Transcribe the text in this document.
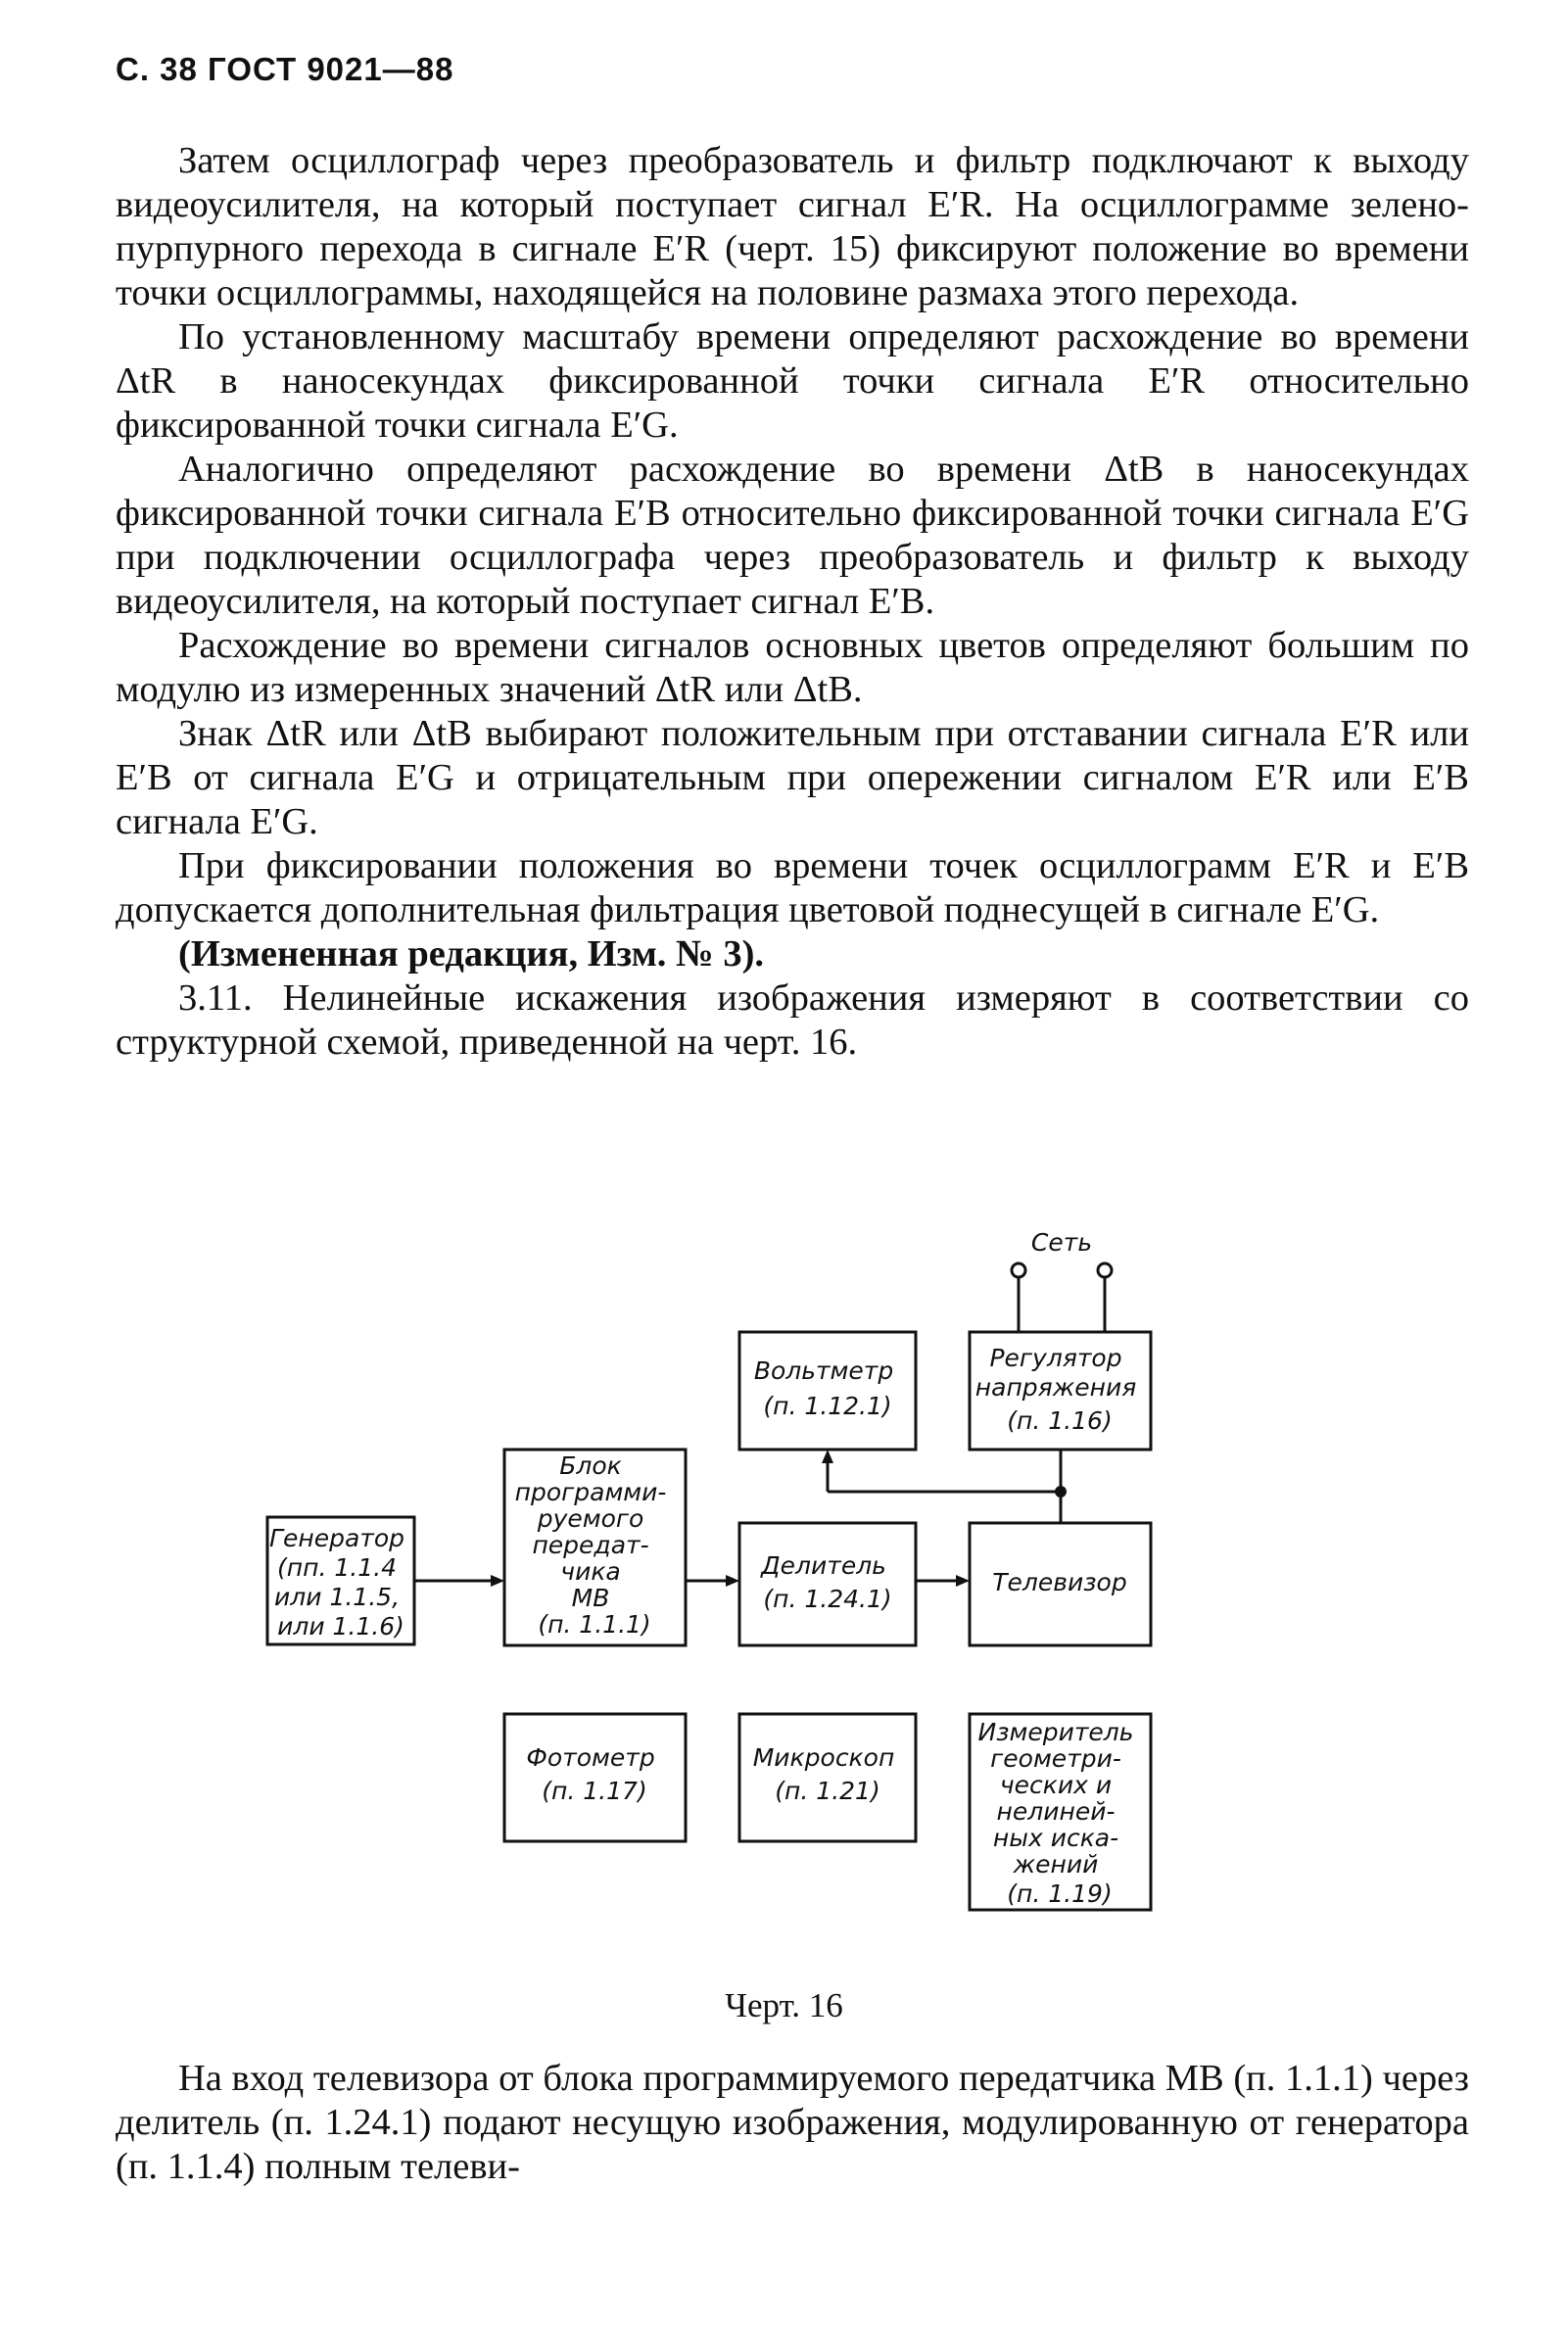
С. 38 ГОСТ 9021—88

Затем осциллограф через преобразователь и фильтр подключают к выходу видеоусилителя, на который поступает сигнал E′R. На осциллограмме зелено-пурпурного перехода в сигнале E′R (черт. 15) фиксируют положение во времени точки осциллограммы, находящейся на половине размаха этого перехода.

По установленному масштабу времени определяют расхождение во времени ΔtR в наносекундах фиксированной точки сигнала E′R относительно фиксированной точки сигнала E′G.

Аналогично определяют расхождение во времени ΔtB в наносекундах фиксированной точки сигнала E′B относительно фиксированной точки сигнала E′G при подключении осциллографа через преобразователь и фильтр к выходу видеоусилителя, на который поступает сигнал E′B.

Расхождение во времени сигналов основных цветов определяют большим по модулю из измеренных значений ΔtR или ΔtB.

Знак ΔtR или ΔtB выбирают положительным при отставании сигнала E′R или E′B от сигнала E′G и отрицательным при опережении сигналом E′R или E′B сигнала E′G.

При фиксировании положения во времени точек осциллограмм E′R и E′B допускается дополнительная фильтрация цветовой поднесущей в сигнале E′G.

(Измененная редакция, Изм. № 3).

3.11. Нелинейные искажения изображения измеряют в соответствии со структурной схемой, приведенной на черт. 16.

Сеть
Генератор (пп. 1.1.4 или 1.1.5, или 1.1.6)
Блок программи- руемого передат- чика МВ (п. 1.1.1)
Вольтметр (п. 1.12.1)
Регулятор напряжения (п. 1.16)
Делитель (п. 1.24.1)
Телевизор
Фотометр (п. 1.17)
Микроскоп (п. 1.21)
Измеритель геометри- ческих и нелиней- ных иска- жений (п. 1.19)
Черт. 16

На вход телевизора от блока программируемого передатчика МВ (п. 1.1.1) через делитель (п. 1.24.1) подают несущую изображения, модулированную от генератора (п. 1.1.4) полным телеви-
